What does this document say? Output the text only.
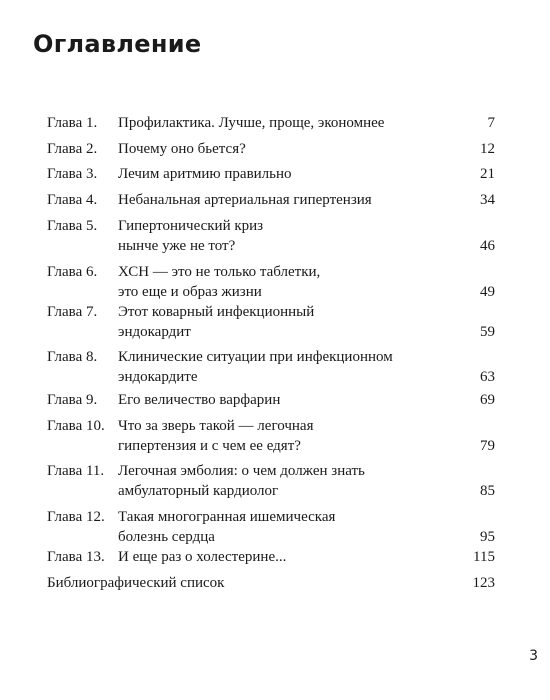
Оглавление
Глава 1. Профилактика. Лучше, проще, экономнее	7
Глава 2. Почему оно бьется?	12
Глава 3. Лечим аритмию правильно	21
Глава 4. Небанальная артериальная гипертензия	34
Глава 5. Гипертонический криз
нынче уже не тот?	46
Глава 6. ХСН — это не только таблетки,
это еще и образ жизни	49
Глава 7. Этот коварный инфекционный
эндокардит	59
Глава 8. Клинические ситуации при инфекционном
эндокардите	63
Глава 9. Его величество варфарин	69
Глава 10. Что за зверь такой — легочная
гипертензия и с чем ее едят?	79
Глава 11. Легочная эмболия: о чем должен знать
амбулаторный кардиолог	85
Глава 12. Такая многогранная ишемическая
болезнь сердца	95
Глава 13. И еще раз о холестерине...	115
Библиографический список	123
3
